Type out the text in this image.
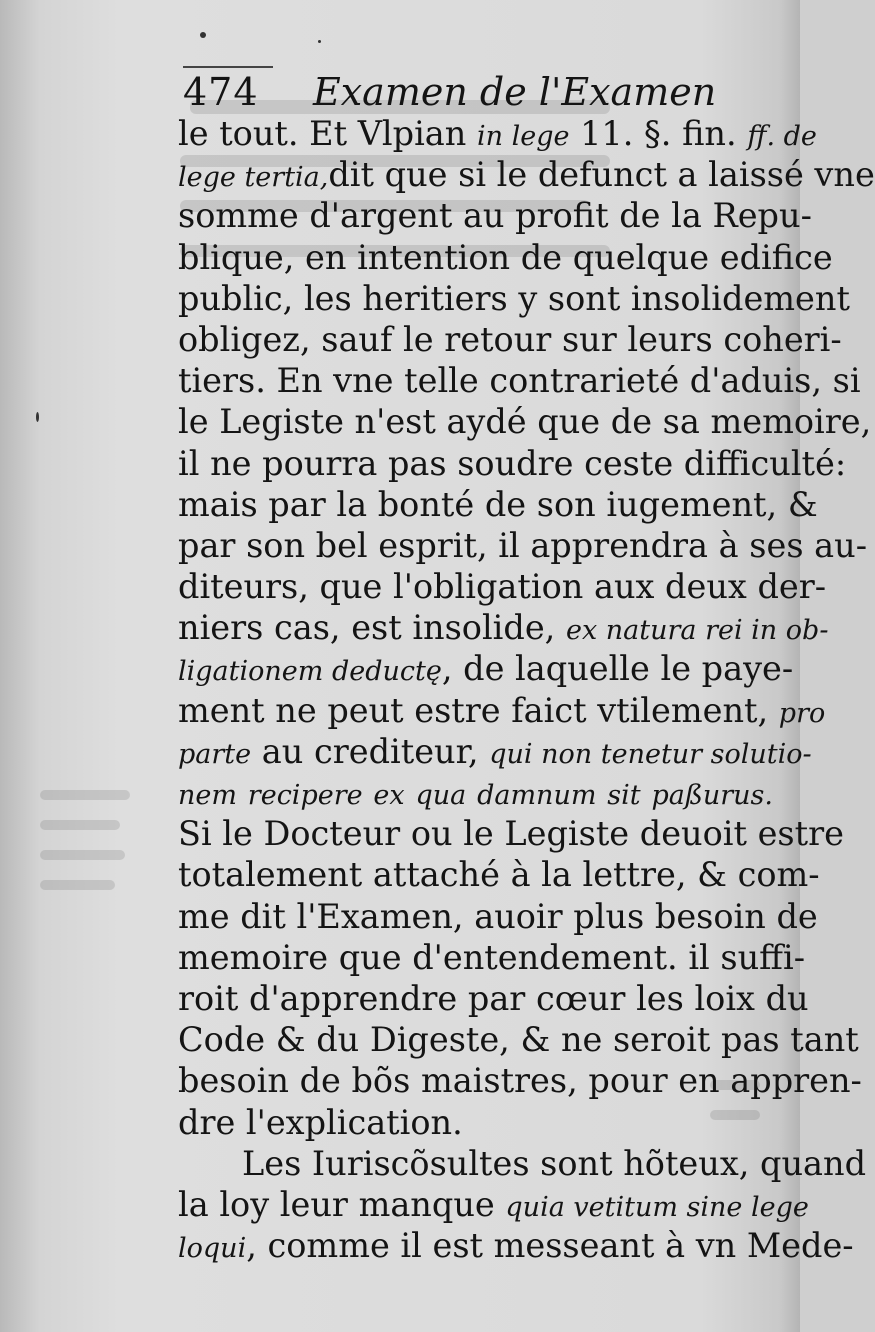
474 Examen de l'Examen
le tout. Et Vlpian in lege 11. §. fin. ff. de
lege tertia,dit que si le defunct a laissé vne
somme d'argent au profit de la Repu-
blique, en intention de quelque edifice
public, les heritiers y sont insolidement
obligez, sauf le retour sur leurs coheri-
tiers. En vne telle contrarieté d'aduis, si
le Legiste n'est aydé que de sa memoire,
il ne pourra pas soudre ceste difficulté:
mais par la bonté de son iugement, &
par son bel esprit, il apprendra à ses au-
diteurs, que l'obligation aux deux der-
niers cas, est insolide, ex natura rei in ob-
ligationem deductę, de laquelle le paye-
ment ne peut estre faict vtilement, pro
parte au crediteur, qui non tenetur solutio-
nem recipere ex qua damnum sit paßurus.
Si le Docteur ou le Legiste deuoit estre
totalement attaché à la lettre, & com-
me dit l'Examen, auoir plus besoin de
memoire que d'entendement. il suffi-
roit d'apprendre par cœur les loix du
Code & du Digeste, & ne seroit pas tant
besoin de bõs maistres, pour en appren-
dre l'explication.
Les Iuriscõsultes sont hõteux, quand
la loy leur manque quia vetitum sine lege
loqui, comme il est messeant à vn Mede-
